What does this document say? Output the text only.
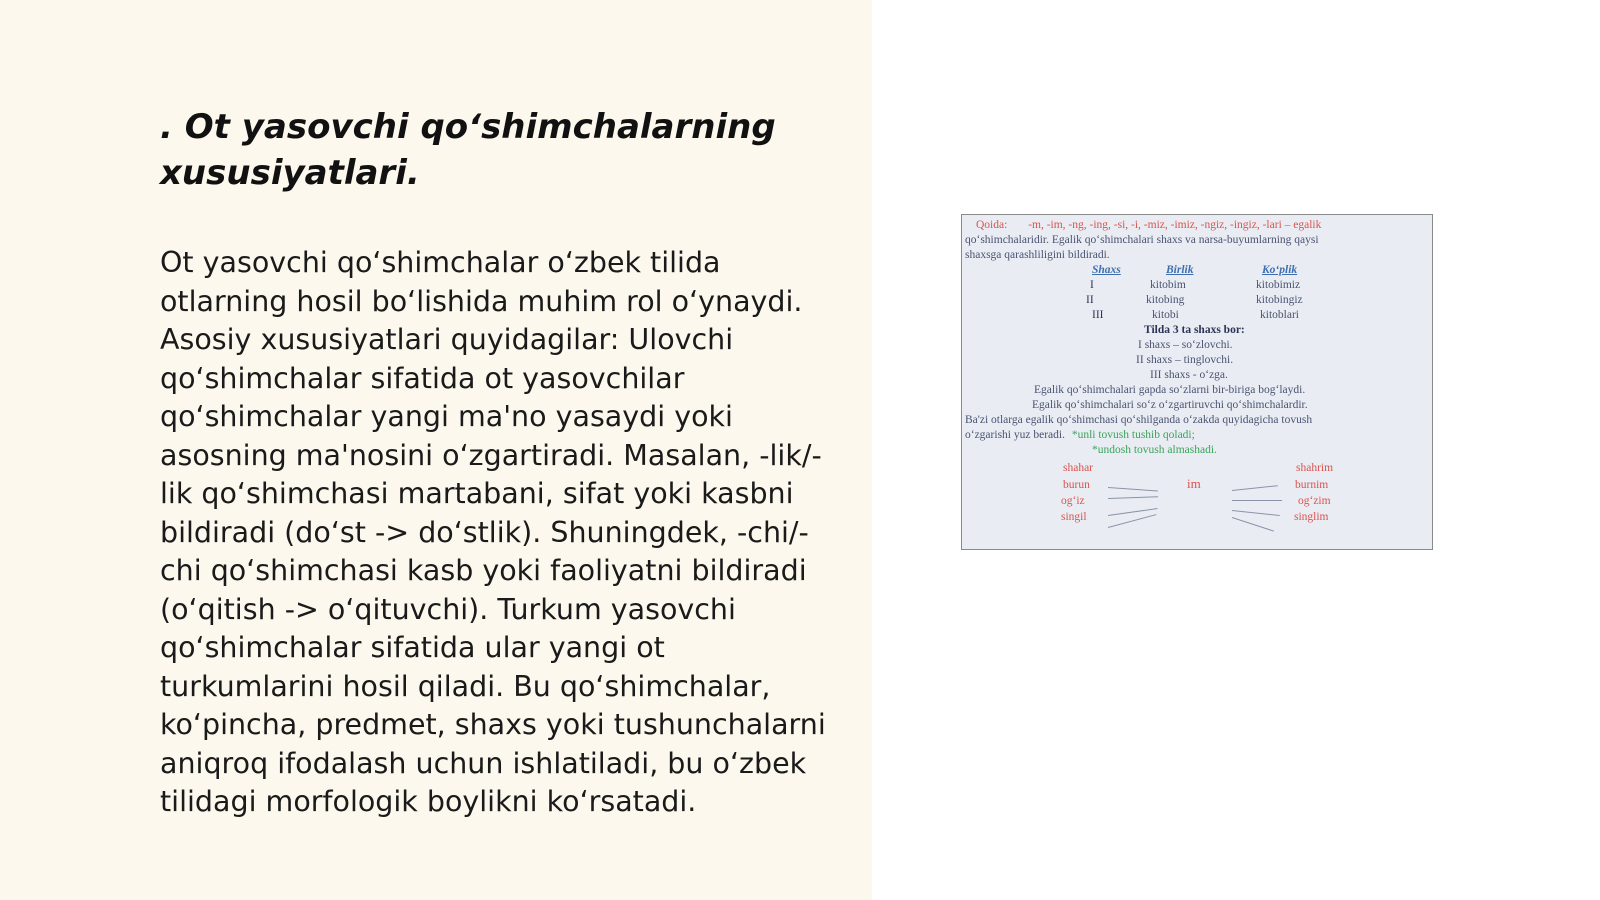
. Ot yasovchi qo‘shimchalarning xususiyatlari.

Ot yasovchi qo‘shimchalar o‘zbek tilida otlarning hosil bo‘lishida muhim rol o‘ynaydi. Asosiy xususiyatlari quyidagilar: Ulovchi qo‘shimchalar sifatida ot yasovchilar qo‘shimchalar yangi ma'no yasaydi yoki asosning ma'nosini o‘zgartiradi. Masalan, -lik/-lik qo‘shimchasi martabani, sifat yoki kasbni bildiradi (do‘st -> do‘stlik). Shuningdek, -chi/-chi qo‘shimchasi kasb yoki faoliyatni bildiradi (o‘qitish -> o‘qituvchi). Turkum yasovchi qo‘shimchalar sifatida ular yangi ot turkumlarini hosil qiladi. Bu qo‘shimchalar, ko‘pincha, predmet, shaxs yoki tushunchalarni aniqroq ifodalash uchun ishlatiladi, bu o‘zbek tilidagi morfologik boylikni ko‘rsatadi.

Qoida: -m, -im, -ng, -ing, -si, -i, -miz, -imiz, -ngiz, -ingiz, -lari – egalik
qo‘shimchalaridir. Egalik qo‘shimchalari shaxs va narsa-buyumlarning qaysi
shaxsga qarashliligini bildiradi.
Shaxs	Birlik	Ko‘plik
I	kitobim	kitobimiz
II	kitobing	kitobingiz
III	kitobi	kitoblari
Tilda 3 ta shaxs bor:
I shaxs – so‘zlovchi.
II shaxs – tinglovchi.
III shaxs - o‘zga.
Egalik qo‘shimchalari gapda so‘zlarni bir-biriga bog‘laydi.
Egalik qo‘shimchalari so‘z o‘zgartiruvchi qo‘shimchalardir.
Ba'zi otlarga egalik qo‘shimchasi qo‘shilganda o‘zakda quyidagicha tovush
o‘zgarishi yuz beradi. *unli tovush tushib qoladi;
*undosh tovush almashadi.
shahar
burun
og‘iz
singil
im
shahrim
burnim
og‘zim
singlim
